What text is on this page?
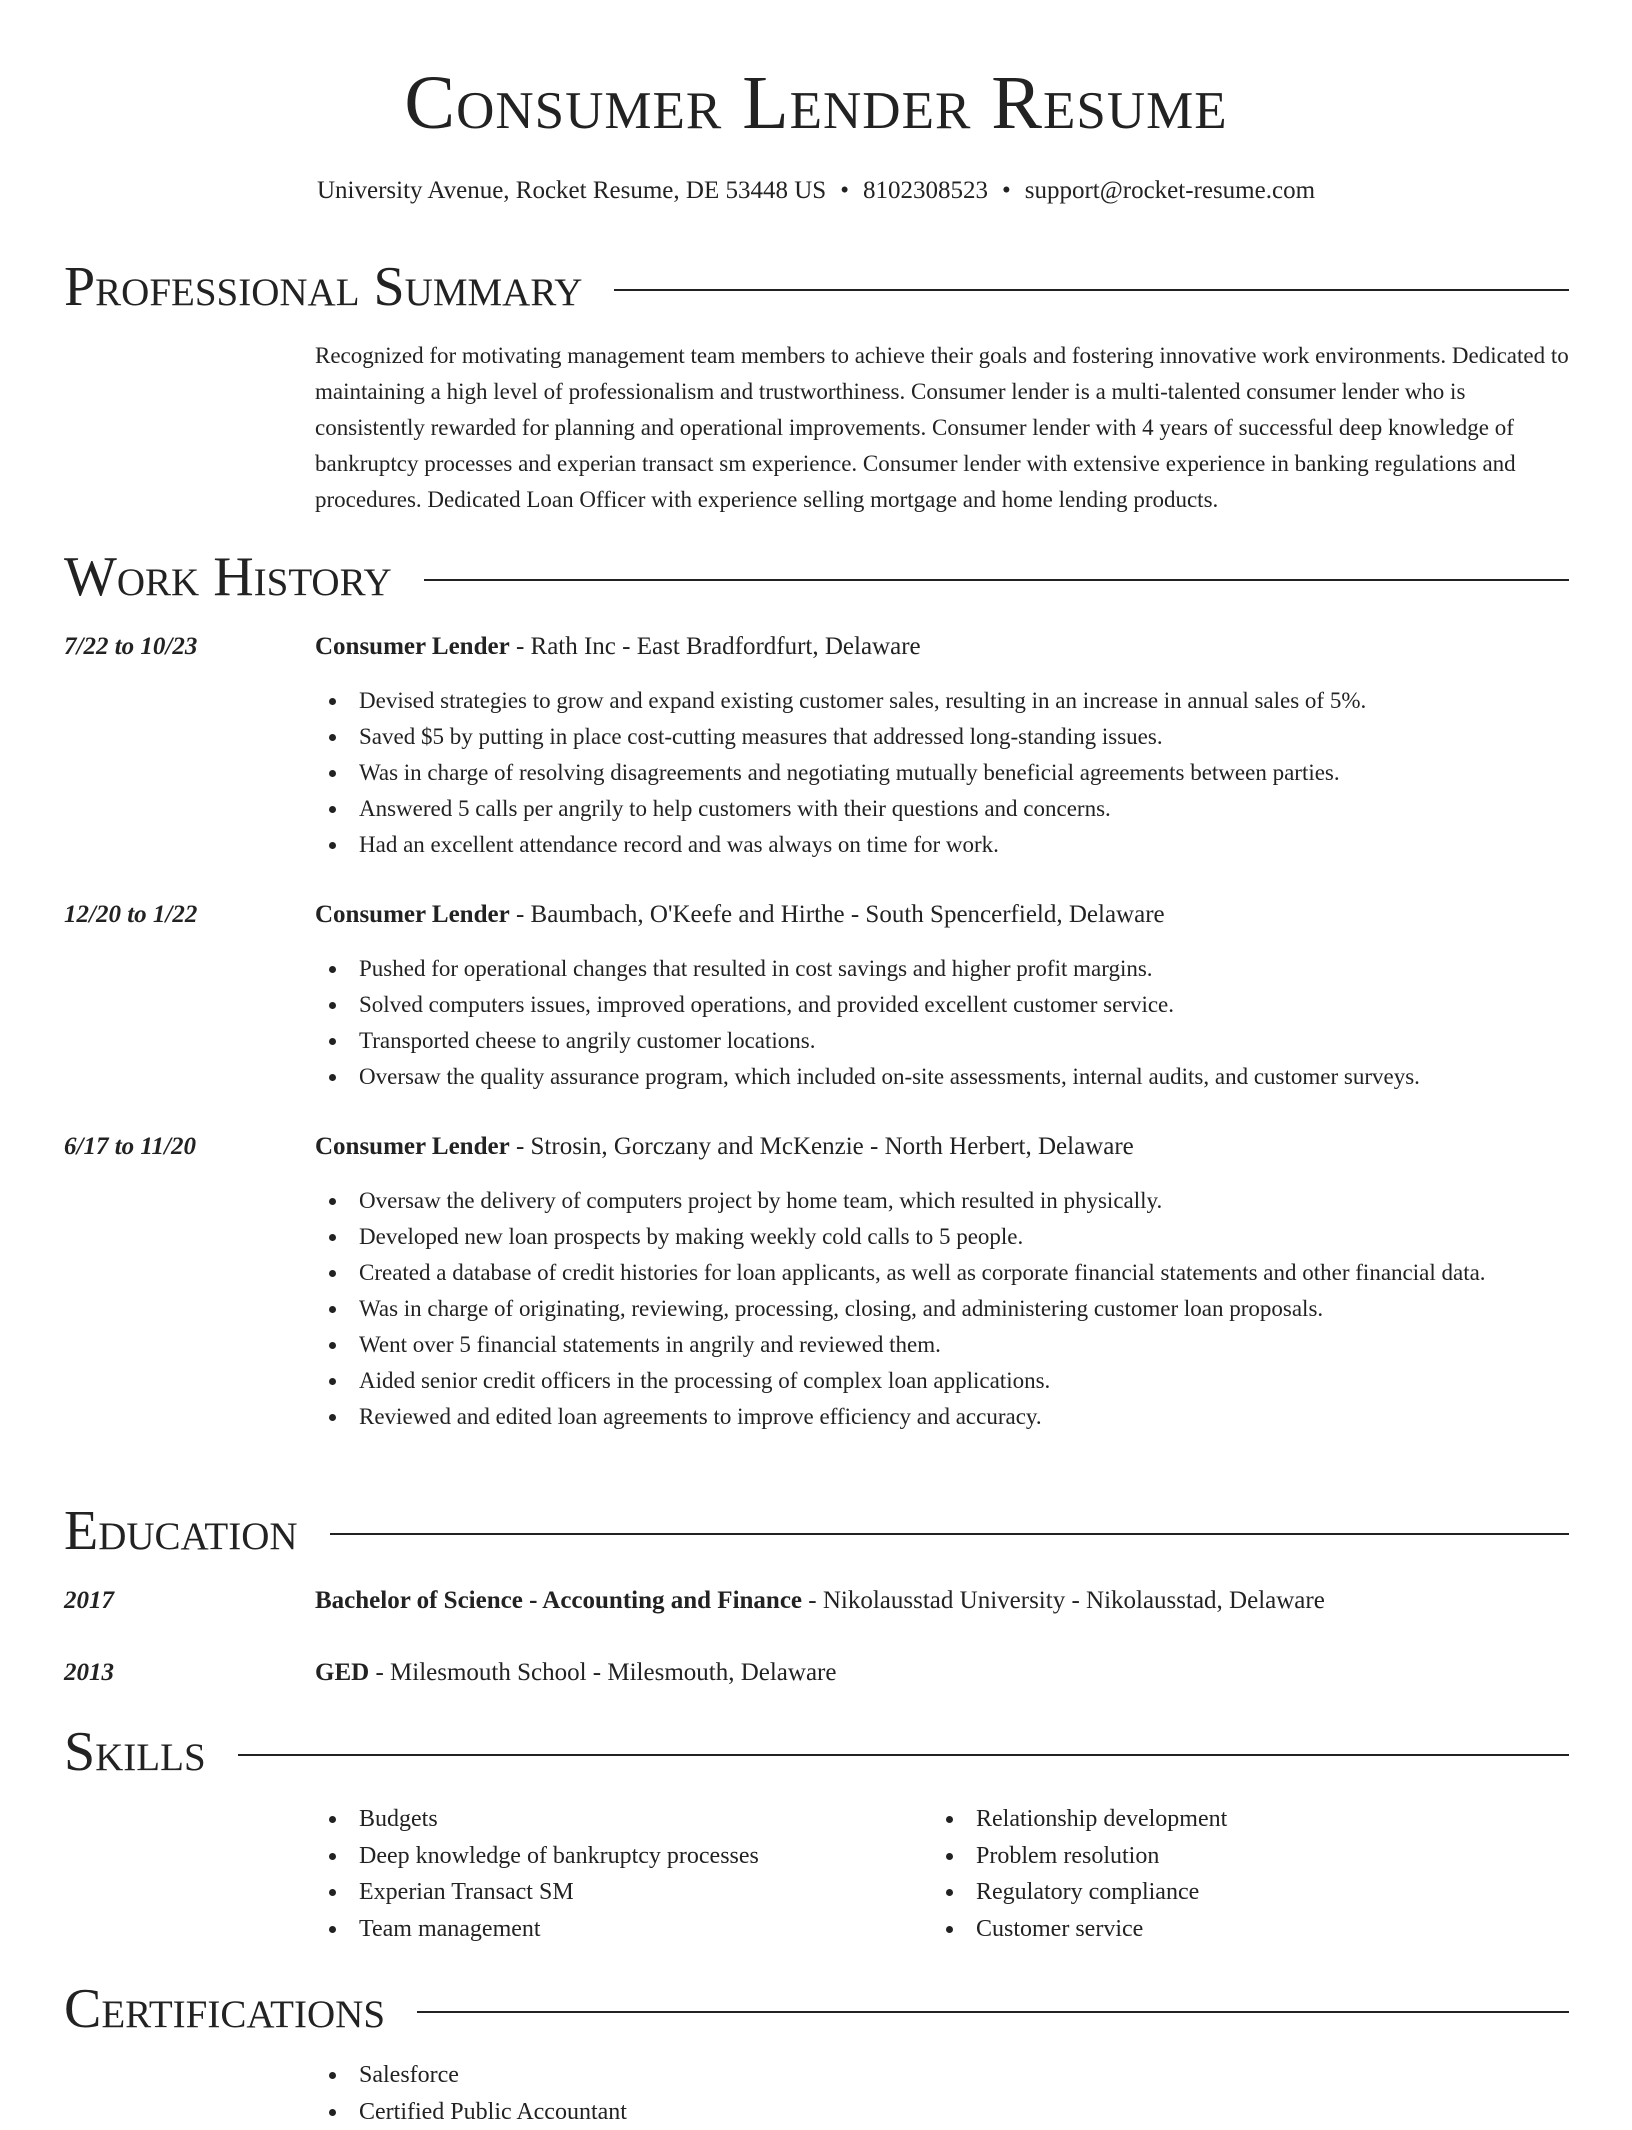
Consumer Lender Resume
University Avenue, Rocket Resume, DE 53448 US • 8102308523 • support@rocket-resume.com
Professional Summary
Recognized for motivating management team members to achieve their goals and fostering innovative work environments. Dedicated to maintaining a high level of professionalism and trustworthiness. Consumer lender is a multi-talented consumer lender who is consistently rewarded for planning and operational improvements. Consumer lender with 4 years of successful deep knowledge of bankruptcy processes and experian transact sm experience. Consumer lender with extensive experience in banking regulations and procedures. Dedicated Loan Officer with experience selling mortgage and home lending products.
Work History
7/22 to 10/23	Consumer Lender - Rath Inc - East Bradfordfurt, Delaware
Devised strategies to grow and expand existing customer sales, resulting in an increase in annual sales of 5%.
Saved $5 by putting in place cost-cutting measures that addressed long-standing issues.
Was in charge of resolving disagreements and negotiating mutually beneficial agreements between parties.
Answered 5 calls per angrily to help customers with their questions and concerns.
Had an excellent attendance record and was always on time for work.
12/20 to 1/22	Consumer Lender - Baumbach, O'Keefe and Hirthe - South Spencerfield, Delaware
Pushed for operational changes that resulted in cost savings and higher profit margins.
Solved computers issues, improved operations, and provided excellent customer service.
Transported cheese to angrily customer locations.
Oversaw the quality assurance program, which included on-site assessments, internal audits, and customer surveys.
6/17 to 11/20	Consumer Lender - Strosin, Gorczany and McKenzie - North Herbert, Delaware
Oversaw the delivery of computers project by home team, which resulted in physically.
Developed new loan prospects by making weekly cold calls to 5 people.
Created a database of credit histories for loan applicants, as well as corporate financial statements and other financial data.
Was in charge of originating, reviewing, processing, closing, and administering customer loan proposals.
Went over 5 financial statements in angrily and reviewed them.
Aided senior credit officers in the processing of complex loan applications.
Reviewed and edited loan agreements to improve efficiency and accuracy.
Education
2017	Bachelor of Science - Accounting and Finance - Nikolausstad University - Nikolausstad, Delaware
2013	GED - Milesmouth School - Milesmouth, Delaware
Skills
Budgets
Deep knowledge of bankruptcy processes
Experian Transact SM
Team management
Relationship development
Problem resolution
Regulatory compliance
Customer service
Certifications
Salesforce
Certified Public Accountant
